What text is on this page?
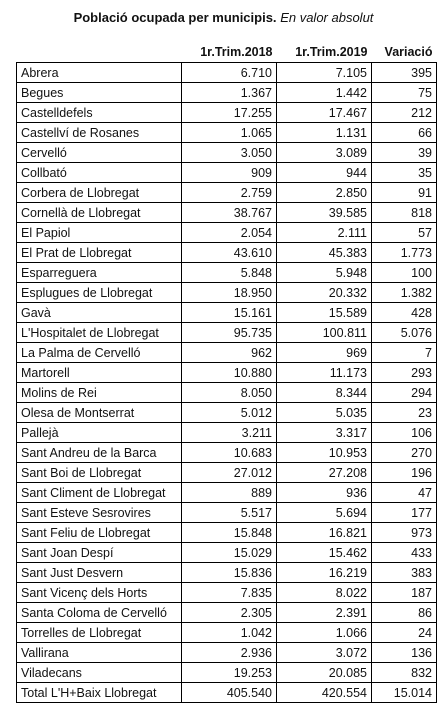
Població ocupada per municipis. En valor absolut
	1r.Trim.2018	1r.Trim.2019	Variació
Abrera	6.710	7.105	395
Begues	1.367	1.442	75
Castelldefels	17.255	17.467	212
Castellví de Rosanes	1.065	1.131	66
Cervelló	3.050	3.089	39
Collbató	909	944	35
Corbera de Llobregat	2.759	2.850	91
Cornellà de Llobregat	38.767	39.585	818
El Papiol	2.054	2.111	57
El Prat de Llobregat	43.610	45.383	1.773
Esparreguera	5.848	5.948	100
Esplugues de Llobregat	18.950	20.332	1.382
Gavà	15.161	15.589	428
L'Hospitalet de Llobregat	95.735	100.811	5.076
La Palma de Cervelló	962	969	7
Martorell	10.880	11.173	293
Molins de Rei	8.050	8.344	294
Olesa de Montserrat	5.012	5.035	23
Pallejà	3.211	3.317	106
Sant Andreu de la Barca	10.683	10.953	270
Sant Boi de Llobregat	27.012	27.208	196
Sant Climent de Llobregat	889	936	47
Sant Esteve Sesrovires	5.517	5.694	177
Sant Feliu de Llobregat	15.848	16.821	973
Sant Joan Despí	15.029	15.462	433
Sant Just Desvern	15.836	16.219	383
Sant Vicenç dels Horts	7.835	8.022	187
Santa Coloma de Cervelló	2.305	2.391	86
Torrelles de Llobregat	1.042	1.066	24
Vallirana	2.936	3.072	136
Viladecans	19.253	20.085	832
Total L'H+Baix Llobregat	405.540	420.554	15.014
